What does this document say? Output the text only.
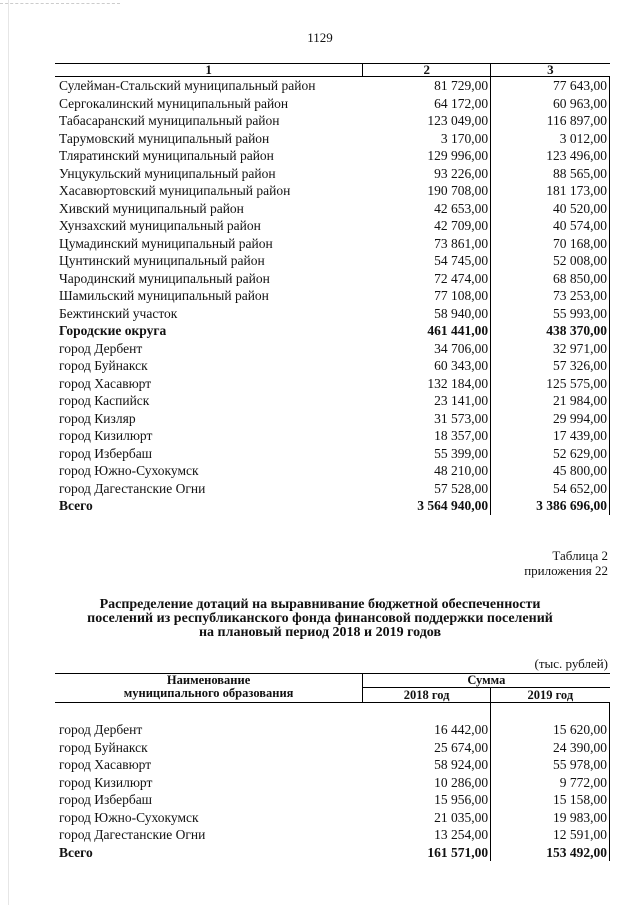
1129
1	2	3
Сулейман-Стальский муниципальный район	81 729,00	77 643,00
Сергокалинский муниципальный район	64 172,00	60 963,00
Табасаранский муниципальный район	123 049,00	116 897,00
Тарумовский муниципальный район	3 170,00	3 012,00
Тляратинский муниципальный район	129 996,00	123 496,00
Унцукульский муниципальный район	93 226,00	88 565,00
Хасавюртовский муниципальный район	190 708,00	181 173,00
Хивский муниципальный район	42 653,00	40 520,00
Хунзахский муниципальный район	42 709,00	40 574,00
Цумадинский муниципальный район	73 861,00	70 168,00
Цунтинский муниципальный район	54 745,00	52 008,00
Чародинский муниципальный район	72 474,00	68 850,00
Шамильский муниципальный район	77 108,00	73 253,00
Бежтинский участок	58 940,00	55 993,00
Городские округа	461 441,00	438 370,00
город Дербент	34 706,00	32 971,00
город Буйнакск	60 343,00	57 326,00
город Хасавюрт	132 184,00	125 575,00
город Каспийск	23 141,00	21 984,00
город Кизляр	31 573,00	29 994,00
город Кизилюрт	18 357,00	17 439,00
город Избербаш	55 399,00	52 629,00
город Южно-Сухокумск	48 210,00	45 800,00
город Дагестанские Огни	57 528,00	54 652,00
Всего	3 564 940,00	3 386 696,00
Таблица 2
приложения 22
Распределение дотаций на выравнивание бюджетной обеспеченности
поселений из республиканского фонда финансовой поддержки поселений
на плановый период 2018 и 2019 годов
(тыс. рублей)
Наименование
муниципального образования	Сумма	
	2018 год	2019 год

город Дербент	16 442,00	15 620,00
город Буйнакск	25 674,00	24 390,00
город Хасавюрт	58 924,00	55 978,00
город Кизилюрт	10 286,00	9 772,00
город Избербаш	15 956,00	15 158,00
город Южно-Сухокумск	21 035,00	19 983,00
город Дагестанские Огни	13 254,00	12 591,00
Всего	161 571,00	153 492,00
